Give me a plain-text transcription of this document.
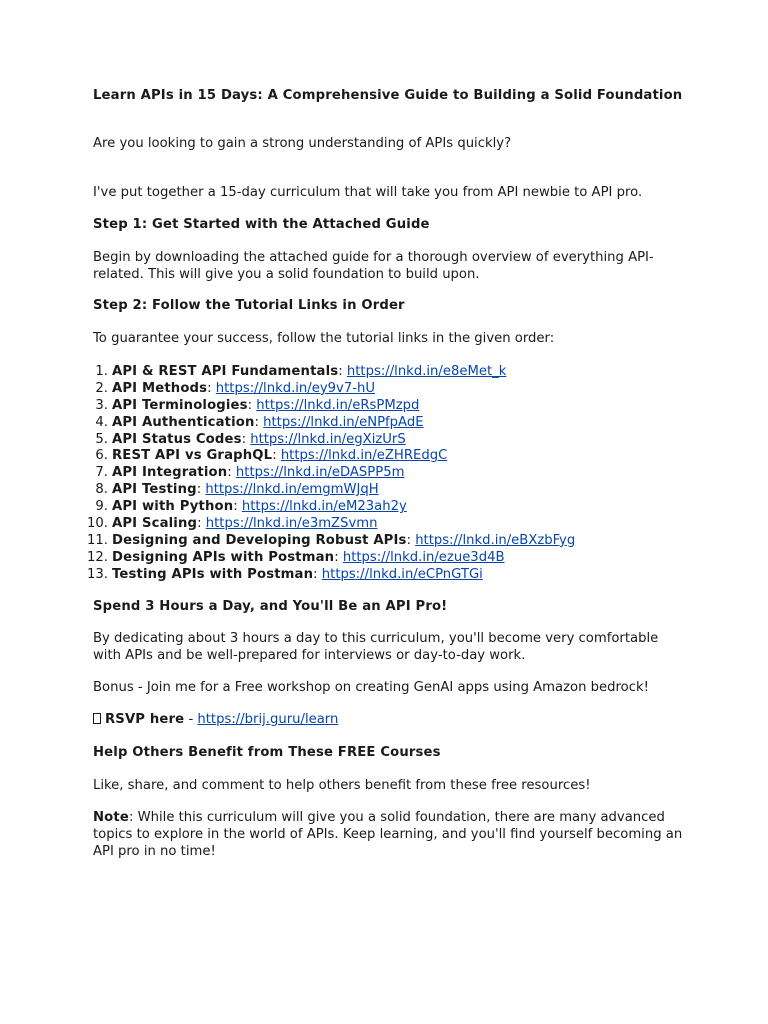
Learn APIs in 15 Days: A Comprehensive Guide to Building a Solid Foundation

Are you looking to gain a strong understanding of APIs quickly?

I've put together a 15-day curriculum that will take you from API newbie to API pro.

Step 1: Get Started with the Attached Guide

Begin by downloading the attached guide for a thorough overview of everything API-related. This will give you a solid foundation to build upon.

Step 2: Follow the Tutorial Links in Order

To guarantee your success, follow the tutorial links in the given order:

1. API & REST API Fundamentals: https://lnkd.in/e8eMet_k
2. API Methods: https://lnkd.in/ey9v7-hU
3. API Terminologies: https://lnkd.in/eRsPMzpd
4. API Authentication: https://lnkd.in/eNPfpAdE
5. API Status Codes: https://lnkd.in/egXizUrS
6. REST API vs GraphQL: https://lnkd.in/eZHREdgC
7. API Integration: https://lnkd.in/eDASPP5m
8. API Testing: https://lnkd.in/emgmWJqH
9. API with Python: https://lnkd.in/eM23ah2y
10. API Scaling: https://lnkd.in/e3mZSvmn
11. Designing and Developing Robust APIs: https://lnkd.in/eBXzbFyg
12. Designing APIs with Postman: https://lnkd.in/ezue3d4B
13. Testing APIs with Postman: https://lnkd.in/eCPnGTGi

Spend 3 Hours a Day, and You'll Be an API Pro!

By dedicating about 3 hours a day to this curriculum, you'll become very comfortable with APIs and be well-prepared for interviews or day-to-day work.

Bonus - Join me for a Free workshop on creating GenAI apps using Amazon bedrock!

RSVP here - https://brij.guru/learn

Help Others Benefit from These FREE Courses

Like, share, and comment to help others benefit from these free resources!

Note: While this curriculum will give you a solid foundation, there are many advanced topics to explore in the world of APIs. Keep learning, and you'll find yourself becoming an API pro in no time!
